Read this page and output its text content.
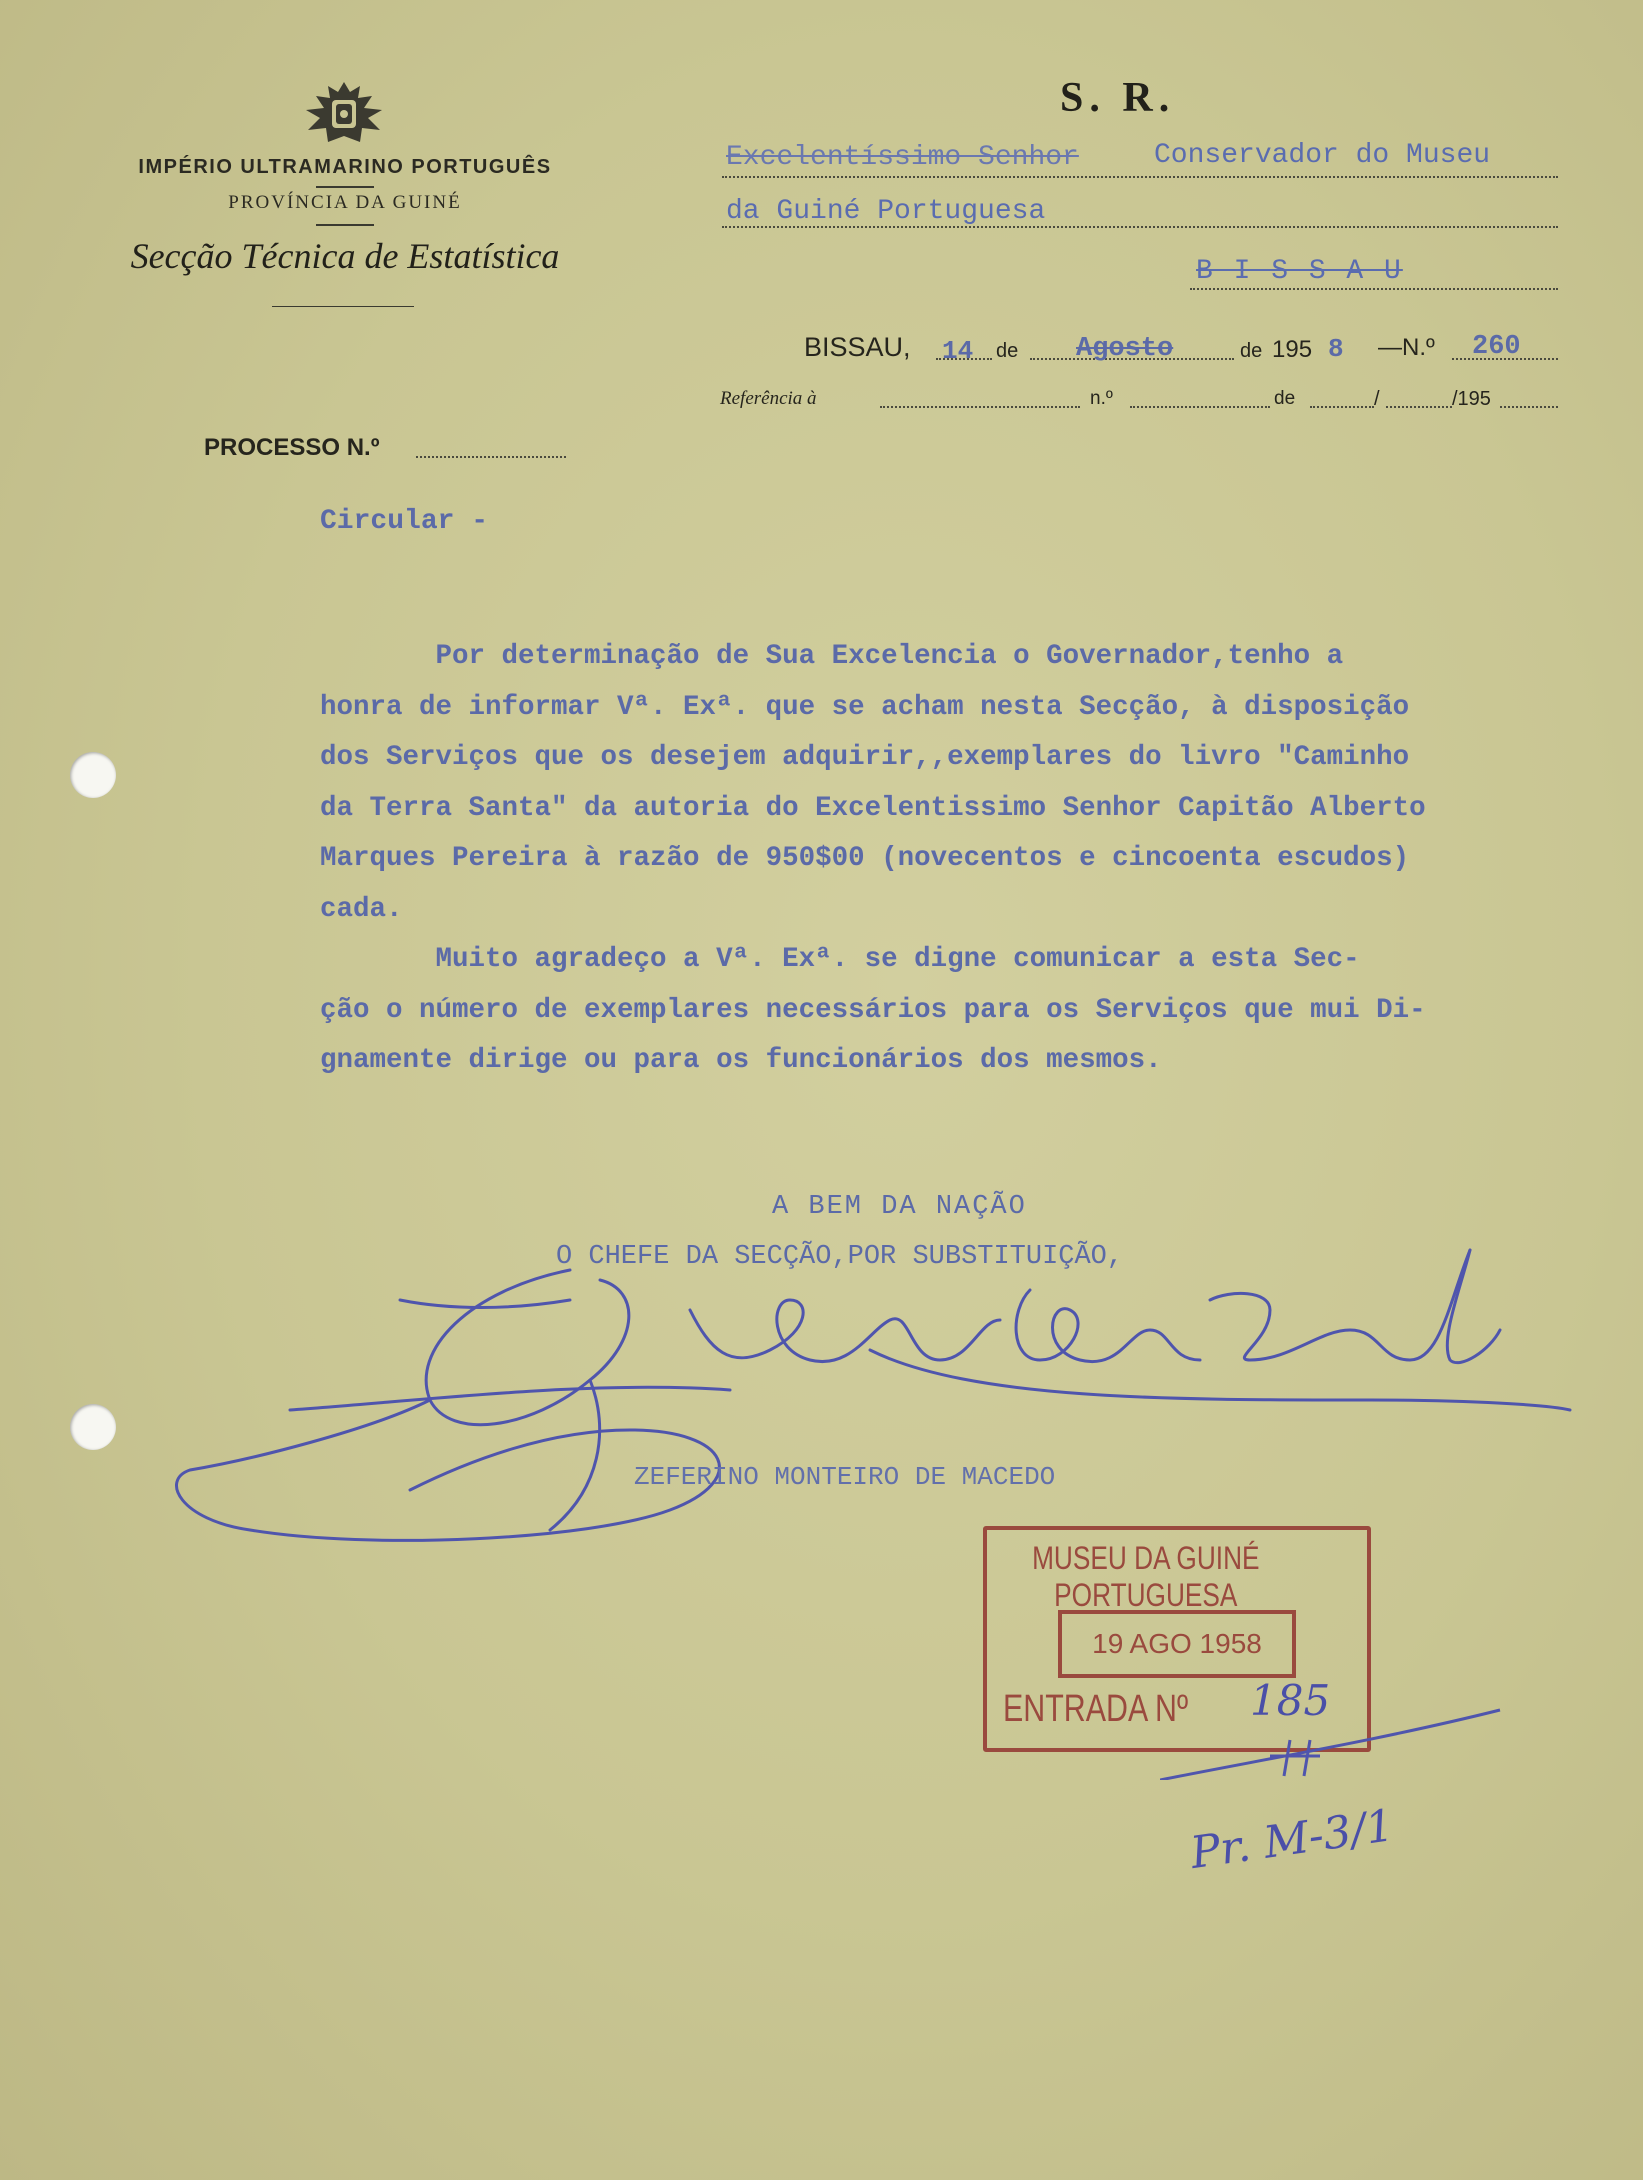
IMPÉRIO ULTRAMARINO PORTUGUÊS
PROVÍNCIA DA GUINÉ
Secção Técnica de Estatística
S. R.
Excelentíssimo Senhor	Conservador do Museu
da Guiné Portuguesa
B I S S A U
BISSAU, 14 de Agosto	de 195 8 —N.º 260
Referência à	n.º	de	/	/195
PROCESSO N.º
Circular -

Por determinação de Sua Excelencia o Governador,tenho a

honra de informar Vª. Exª. que se acham nesta Secção, à disposição

dos Serviços que os desejem adquirir,,exemplares do livro "Caminho

da Terra Santa" da autoria do Excelentissimo Senhor Capitão Alberto

Marques Pereira à razão de 950$00 (novecentos e cincoenta escudos)

cada.

Muito agradeço a Vª. Exª. se digne comunicar a esta Sec-

ção o número de exemplares necessários para os Serviços que mui Di-

gnamente dirige ou para os funcionários dos mesmos.

A BEM DA NAÇÃO
O CHEFE DA SECÇÃO,POR SUBSTITUIÇÃO,
ZEFERINO MONTEIRO DE MACEDO
MUSEU DA GUINÉ PORTUGUESA
19 AGO 1958
ENTRADA Nº 185
Pr. M-3/1
